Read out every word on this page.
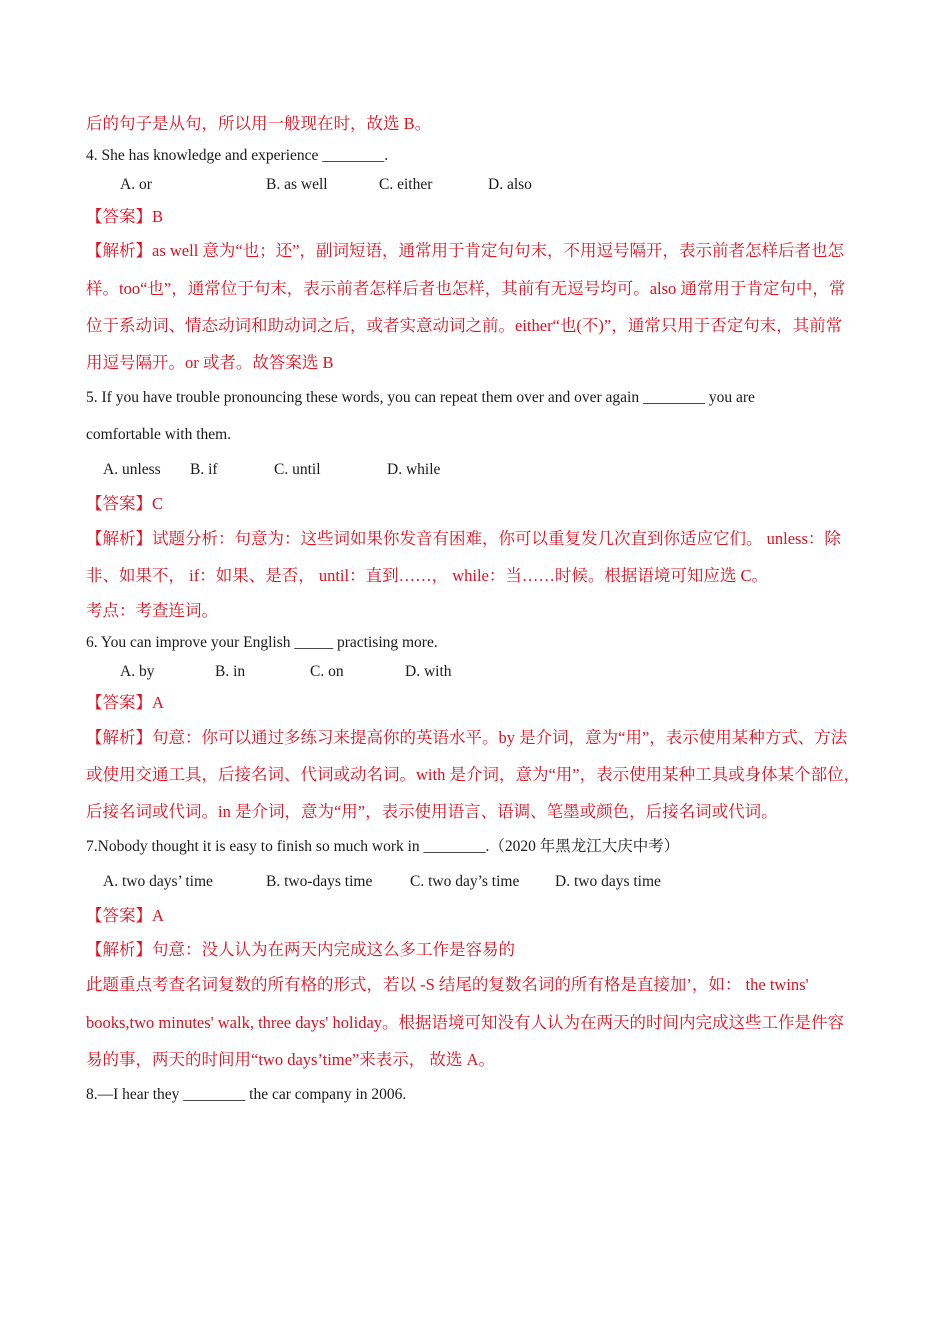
后的句子是从句，所以用一般现在时，故选 B。
4. She has knowledge and experience ________.
A. or	B. as well	C. either	D. also
【答案】B
【解析】as well 意为“也；还”，副词短语，通常用于肯定句句末，不用逗号隔开，表示前者怎样后者也怎
样。too“也”，通常位于句末，表示前者怎样后者也怎样，其前有无逗号均可。also 通常用于肯定句中，常
位于系动词、情态动词和助动词之后，或者实意动词之前。either“也(不)”，通常只用于否定句末，其前常
用逗号隔开。or 或者。故答案选 B
5. If you have trouble pronouncing these words, you can repeat them over and over again ________ you are
comfortable with them.
A. unless B. if	C. until	D. while
【答案】C
【解析】试题分析：句意为：这些词如果你发音有困难，你可以重复发几次直到你适应它们。 unless：除
非、如果不， if：如果、是否， until：直到……， while：当……时候。根据语境可知应选 C。
考点：考查连词。
6. You can improve your English _____ practising more.
A. by	B. in	C. on	D. with
【答案】A
【解析】句意：你可以通过多练习来提高你的英语水平。by 是介词，意为“用”，表示使用某种方式、方法
或使用交通工具，后接名词、代词或动名词。with 是介词，意为“用”，表示使用某种工具或身体某个部位，
后接名词或代词。in 是介词，意为“用”，表示使用语言、语调、笔墨或颜色，后接名词或代词。
7.Nobody thought it is easy to finish so much work in ________.（2020 年黑龙江大庆中考）
A. two days’ time	B. two-days time C. two day’s time D. two days time
【答案】A
【解析】句意：没人认为在两天内完成这么多工作是容易的
此题重点考查名词复数的所有格的形式，若以 -S 结尾的复数名词的所有格是直接加’，如： the twins'
books,two minutes' walk, three days' holiday。根据语境可知没有人认为在两天的时间内完成这些工作是件容
易的事，两天的时间用“two days’time”来表示， 故选 A。
8.—I hear they ________ the car company in 2006.
